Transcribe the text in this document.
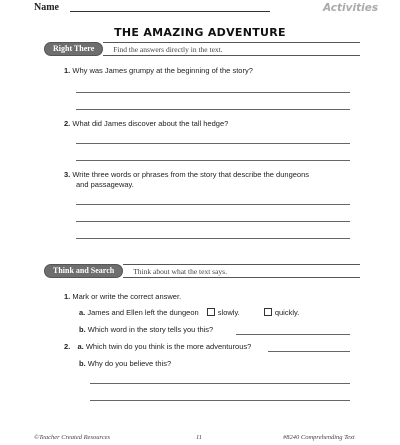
Name	Activities
THE AMAZING ADVENTURE
Right There	Find the answers directly in the text.
1. Why was James grumpy at the beginning of the story?
2. What did James discover about the tall hedge?
3. Write three words or phrases from the story that describe the dungeons
and passageway.
Think and Search	Think about what the text says.
1. Mark or write the correct answer.
a. James and Ellen left the dungeon	slowly.	quickly.
b. Which word in the story tells you this?
2. a. Which twin do you think is the more adventurous?
b. Why do you believe this?
©Teacher Created Resources	11	#8240 Comprehending Text
